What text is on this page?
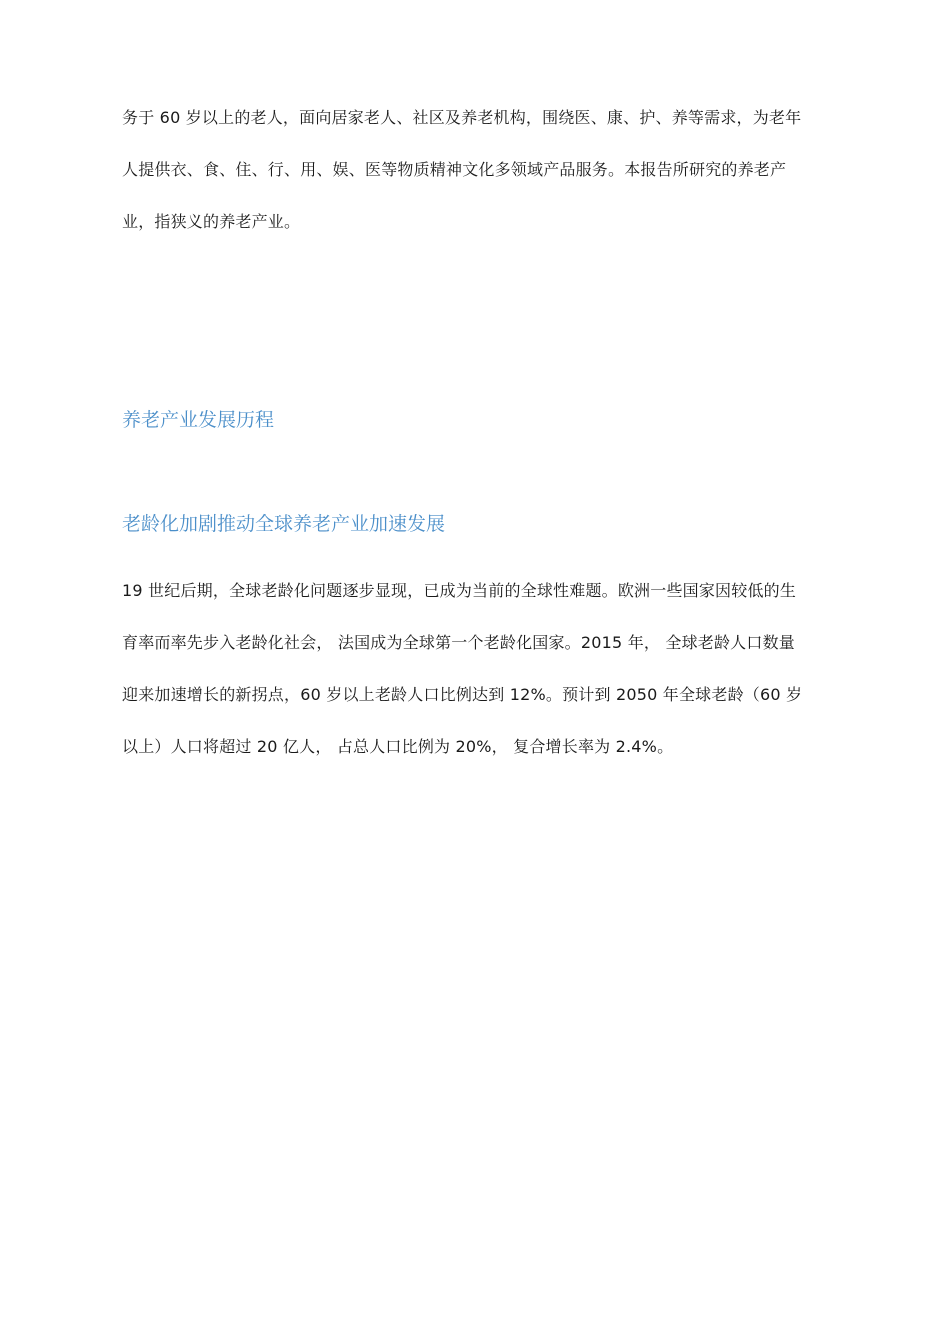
务于 60 岁以上的老人，面向居家老人、社区及养老机构，围绕医、康、护、养等需求，为老年
人提供衣、食、住、行、用、娱、医等物质精神文化多领域产品服务。本报告所研究的养老产
业，指狭义的养老产业。
养老产业发展历程
老龄化加剧推动全球养老产业加速发展
19 世纪后期，全球老龄化问题逐步显现，已成为当前的全球性难题。欧洲一些国家因较低的生
育率而率先步入老龄化社会， 法国成为全球第一个老龄化国家。2015 年， 全球老龄人口数量
迎来加速增长的新拐点，60 岁以上老龄人口比例达到 12%。预计到 2050 年全球老龄（60 岁
以上）人口将超过 20 亿人， 占总人口比例为 20%， 复合增长率为 2.4%。
